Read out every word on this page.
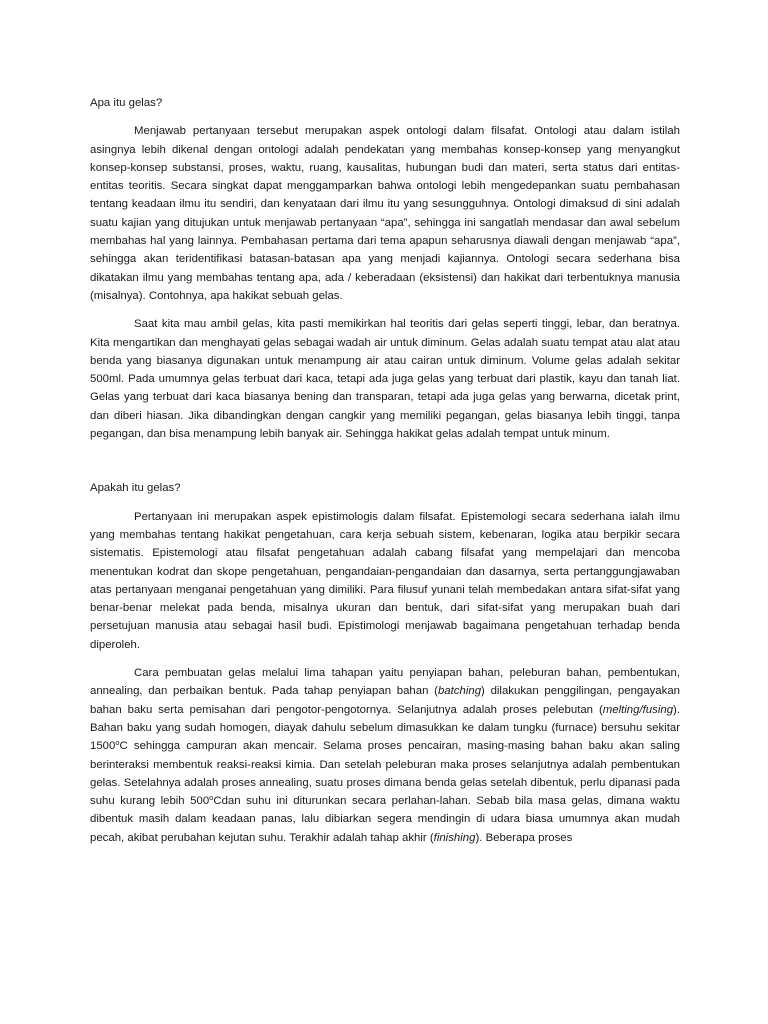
Apa itu gelas?

Menjawab pertanyaan tersebut merupakan aspek ontologi dalam filsafat. Ontologi atau dalam istilah asingnya lebih dikenal dengan ontologi adalah pendekatan yang membahas konsep-konsep yang menyangkut konsep-konsep substansi, proses, waktu, ruang, kausalitas, hubungan budi dan materi, serta status dari entitas-entitas teoritis. Secara singkat dapat menggamparkan bahwa ontologi lebih mengedepankan suatu pembahasan tentang keadaan ilmu itu sendiri, dan kenyataan dari ilmu itu yang sesungguhnya. Ontologi dimaksud di sini adalah suatu kajian yang ditujukan untuk menjawab pertanyaan “apa”, sehingga ini sangatlah mendasar dan awal sebelum membahas hal yang lainnya. Pembahasan pertama dari tema apapun seharusnya diawali dengan menjawab “apa”, sehingga akan teridentifikasi batasan-batasan apa yang menjadi kajiannya. Ontologi secara sederhana bisa dikatakan ilmu yang membahas tentang apa, ada / keberadaan (eksistensi) dan hakikat dari terbentuknya manusia (misalnya). Contohnya, apa hakikat sebuah gelas.

Saat kita mau ambil gelas, kita pasti memikirkan hal teoritis dari gelas seperti tinggi, lebar, dan beratnya. Kita mengartikan dan menghayati gelas sebagai wadah air untuk diminum. Gelas adalah suatu tempat atau alat atau benda yang biasanya digunakan untuk menampung air atau cairan untuk diminum. Volume gelas adalah sekitar 500ml. Pada umumnya gelas terbuat dari kaca, tetapi ada juga gelas yang terbuat dari plastik, kayu dan tanah liat. Gelas yang terbuat dari kaca biasanya bening dan transparan, tetapi ada juga gelas yang berwarna, dicetak print, dan diberi hiasan. Jika dibandingkan dengan cangkir yang memiliki pegangan, gelas biasanya lebih tinggi, tanpa pegangan, dan bisa menampung lebih banyak air. Sehingga hakikat gelas adalah tempat untuk minum.

Apakah itu gelas?

Pertanyaan ini merupakan aspek epistimologis dalam filsafat. Epistemologi secara sederhana ialah ilmu yang membahas tentang hakikat pengetahuan, cara kerja sebuah sistem, kebenaran, logika atau berpikir secara sistematis. Epistemologi atau filsafat pengetahuan adalah cabang filsafat yang mempelajari dan mencoba menentukan kodrat dan skope pengetahuan, pengandaian-pengandaian dan dasarnya, serta pertanggungjawaban atas pertanyaan menganai pengetahuan yang dimiliki. Para filusuf yunani telah membedakan antara sifat-sifat yang benar-benar melekat pada benda, misalnya ukuran dan bentuk, dari sifat-sifat yang merupakan buah dari persetujuan manusia atau sebagai hasil budi. Epistimologi menjawab bagaimana pengetahuan terhadap benda diperoleh.

Cara pembuatan gelas melalui lima tahapan yaitu penyiapan bahan, peleburan bahan, pembentukan, annealing, dan perbaikan bentuk. Pada tahap penyiapan bahan (batching) dilakukan penggilingan, pengayakan bahan baku serta pemisahan dari pengotor-pengotornya. Selanjutnya adalah proses pelebutan (melting/fusing). Bahan baku yang sudah homogen, diayak dahulu sebelum dimasukkan ke dalam tungku (furnace) bersuhu sekitar 1500$^o$C sehingga campuran akan mencair. Selama proses pencairan, masing-masing bahan baku akan saling berinteraksi membentuk reaksi-reaksi kimia. Dan setelah peleburan maka proses selanjutnya adalah pembentukan gelas. Setelahnya adalah proses annealing, suatu proses dimana benda gelas setelah dibentuk, perlu dipanasi pada suhu kurang lebih 500$^o$Cdan suhu ini diturunkan secara perlahan-lahan. Sebab bila masa gelas, dimana waktu dibentuk masih dalam keadaan panas, lalu dibiarkan segera mendingin di udara biasa umumnya akan mudah pecah, akibat perubahan kejutan suhu. Terakhir adalah tahap akhir (finishing). Beberapa proses
